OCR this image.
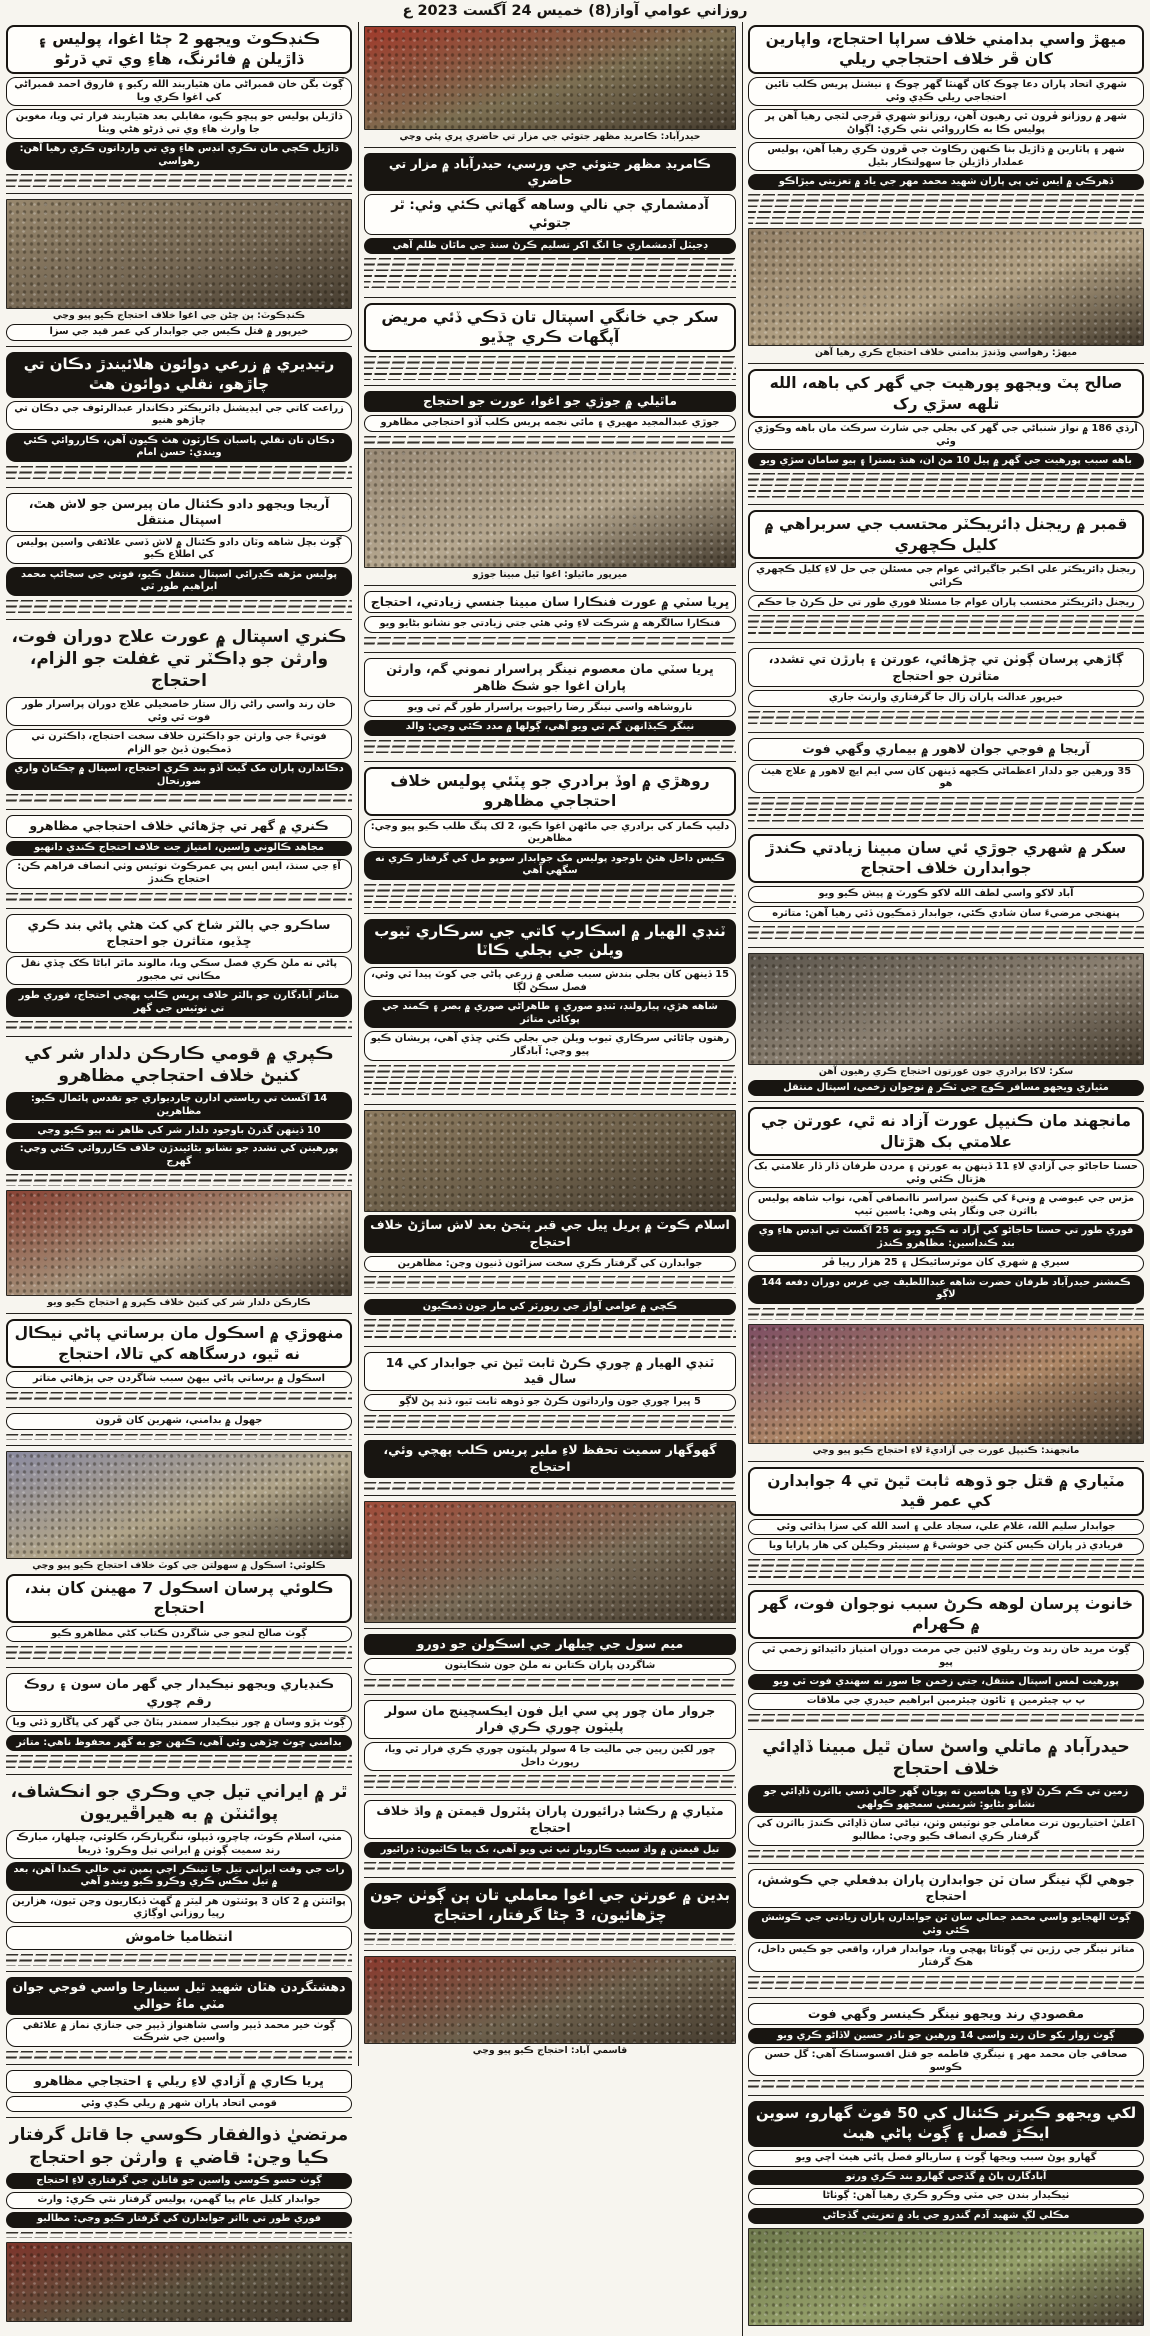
روزاني عوامي آواز(8) خميس 24 آگست 2023 ع
ميهڙ واسي بدامني خلاف سراپا احتجاج، واپارين کان ڦر خلاف احتجاجي ريلي
شهري اتحاد پاران دعا چوڪ کان گهنٽا گهر چوڪ ۽ نيشنل پريس ڪلب تائين احتجاجي ريلي ڪڍي وئي
شهر ۾ روزانو ڦرون ٿي رهيون آهن، روزانو شهري ڦرجي لٽجي رهيا آهن پر پوليس ڪا به ڪارروائي نٿي ڪري: اڳواڻ
شهر ۽ پاٽارين ۾ ڌاڙيل بنا ڪنهن رڪاوٽ جي ڦرون ڪري رهيا آهن، پوليس عملدار ڌاڙيلن جا سهولتڪار بڻيل
ڏهرڪي ۾ ايس ٽي پي پاران شهيد محمد مهر جي ياد ۾ تعزيتي ميڙاڪو
ميهڙ: رهواسي وڏنڊڙ بدامني خلاف احتجاج ڪري رهيا آهن
صالح پٽ ويجهو پورهيت جي گهر کي باهه، الله تلهه سڙي رک
آرڌي 186 ۾ نواز شنباڻي جي گهر کي بجلي جي شارٽ سرڪٽ مان باهه وڪوڙي وئي
باهه سبب پورهيت جي گهر ۾ پيل 10 مڻ ان، هنڌ بسترا ۽ ٻيو سامان سڙي ويو
قمبر ۾ ريجنل ڊائريڪٽر محتسب جي سربراهي ۾ کليل ڪچهري
ريجنل ڊائريڪٽر علي اڪبر جاگيراڻي عوام جي مسئلن جي حل لاءِ کليل ڪچهري ڪرائي
ريجنل ڊائريڪٽر محتسب پاران عوام جا مسئلا فوري طور تي حل ڪرڻ جا حڪم
ڳاڙهي پرسان ڳوٺن تي چڙهائي، عورتن ۽ ٻارڙن تي تشدد، متاثرن جو احتجاج
خيرپور عدالت پاران زال جا گرفتاري وارنٽ جاري
آريجا ۾ فوجي جوان لاهور ۾ بيماري وگهي فوت
35 ورهين جو دلدار اعظماڻي ڪجهه ڏينهن کان سي ايم ايڇ لاهور ۾ علاج هيٺ هو
سکر ۾ شهري جوڙي ئي سان مبينا زيادتي ڪندڙ جوابدارن خلاف احتجاج
آباد لاکو واسي لطف الله لاکو ڪورٽ ۾ پيش ڪيو ويو
پنهنجي مرضيءَ سان شادي ڪئي، جوابدار ڌمڪيون ڏئي رهيا آهن: متاثره
سکر: لاکا برادري جون عورتون احتجاج ڪري رهيون آهن
مٽياري ويجهو مسافر ڪوچ جي ٽڪر ۾ نوجوان زخمي، اسپتال منتقل
مانجهند مان ڪنيپل عورت آزاد نه ٿي، عورتن جي علامتي بک هڙتال
حسنا حاجاڻو جي آزادي لاءِ 11 ڏينهن به عورتن ۽ مردن طرفان ڏار ڏار علامتي بک هڙتال ڪئي وئي
مڙس جي عيوضي ۾ ونيءَ کي ڪنيڻ سراسر ناانصافي آهي، نواب شاهه پوليس بااثرن جي ونگار پئي وهي: ياسين ٽيپ
فوري طور تي حسنا حاجاڻو کي آزاد نه ڪيو ويو ته 25 آگسٽ تي انڊس هاءِ وي بند ڪنداسين: مظاهرو ڪندڙ
سيري ۾ شهري کان موٽرسائيڪل ۽ 25 هزار رپيا ڦر
ڪمشنر حيدرآباد طرفان حضرت شاهه عبداللطيف جي عرس دوران دفعه 144 لاڳو
مانجهند: ڪنيپل عورت جي آزاديءَ لاءِ احتجاج ڪيو پيو وڃي
مٽياري ۾ قتل جو ڌوهه ثابت ٿيڻ تي 4 جوابدارن کي عمر قيد
جوابدار سليم الله، غلام علي، سجاد علي ۽ اسد الله کي سزا ٻڌائي وئي
فريادي ڌر پاران ڪيس کٽڻ جي خوشيءَ ۾ سينيئر وڪيلن کي هار پارايا ويا
خانوٺ پرسان لوهه ڪرڻ سبب نوجوان فوت، گهر ۾ ڪهرام
ڳوٺ مريد خان رند وٽ ريلوي لائين جي مرمت دوران امتياز دائيدائو زخمي ٿي پيو
پورهيت لمس اسپتال منتقل، جتي زخمن جا سور نه سهندي فوت ٿي ويو
پ ٻ چيئرمين ۽ ٽائون چيئرمين ابراهيم حيدري جي ملاقات
حيدرآباد ۾ ماتلي واسڻ سان ٿيل مبينا ڏاڍائي خلاف احتجاج
زمين تي ڪم ڪرڻ لاءِ ويا هياسين ته پويان گهر خالي ڏسي بااثرن ڏاڍائي جو نشانو بڻايو: شريمتي سمجهو ڪولهي
اعليٰ اختياريون ترت معاملي جو نوٽيس وٺن، نياڻي سان ڏاڍائي ڪندڙ بااثرن کي گرفتار ڪري انصاف ڪيو وڃي: مطالبو
جوهي لڳ نينگر سان ٽن جوابدارن پاران بدفعلي جي ڪوشش، احتجاج
ڳوٺ الهجايو واسي محمد جمالي سان ٽن جوابدارن پاران زيادتي جي ڪوشش ڪئي وئي
متاثر نينگر جي رڙين تي ڳوٺاڻا پهچي ويا، جوابدار فرار، واقعي جو ڪيس داخل، هڪ گرفتار
مقصودي رند ويجهو نينگر ڪينسر وگهي فوت
ڳوٺ زوار بکو خان رند واسي 14 ورهين جو نادر حسين لاڏاڻو ڪري ويو
صحافي جان محمد مهر ۽ نينگري فاطمه جو قتل افسوسناڪ آهي: گل حسن ڪوسو
لکي ويجهو ڪيرتر ڪئنال کي 50 فوٽ گهارو، سوين ايڪڙ فصل ۽ ڳوٺ پاڻي هيٺ
گهارو پوڻ سبب ويجها ڳوٺ ۽ ساريالو فصل پاڻي هيٺ اچي ويو
آبادگارن پاڻ ۾ گڏجي گهارو بند ڪري ورتو
ٺيڪيدار بندن جي مٽي وڪرو ڪري رهيا آهن: ڳوٺاڻا
مڪلي لڳ شهيد آدم گندرو جي ياد ۾ تعزيتي گڏجاڻي
حيدرآباد: ڪامريڊ مظهر جتوئي جي مزار تي حاضري ڀري پئي وڃي
ڪامريڊ مظهر جتوئي جي ورسي، حيدرآباد ۾ مزار تي حاضري
آدمشماري جي نالي وساهه گهاتي ڪئي وئي: ٿر جتوئي
ڊجيٽل آدمشماري جا انگ اکر تسليم ڪرڻ سنڌ جي ماٿان ظلم آهي
سکر جي خانگي اسپتال تان ڌڪي ڏئي مريض آپگهات ڪري ڇڏيو
ماٿيلي ۾ جوڙي جو اغوا، عورت جو احتجاج
جوڙي عبدالمجيد مهيري ۽ مائي نجمه پريس ڪلب آڏو احتجاجي مظاهرو
ميرپور ماٿيلو: اغوا ٿيل مبينا جوڙو
ڀريا سٽي ۾ عورت فنڪارا سان مبينا جنسي زيادتي، احتجاج
فنڪارا سالگرهه ۾ شرڪت لاءِ وئي هئي جتي زيادتي جو نشانو بڻايو ويو
ڀريا سٽي مان معصوم نينگر پراسرار نموني گم، وارثن پاران اغوا جو شڪ ظاهر
ناروشاهه واسي نينگر رضا راجپوت پراسرار طور گم ٿي ويو
نينگر ڪيڏانهن گم ٿي ويو آهي، ڳولها ۾ مدد ڪئي وڃي: والد
روهڙي ۾ اوڏ برادري جو پٽئي پوليس خلاف احتجاجي مظاهرو
دليپ ڪمار کي برادري جي ماڻهن اغوا ڪيو، 2 لک پنگ طلب ڪيو پيو وڃي: مظاهرين
ڪيس داخل هئڻ باوجود پوليس مک جوابدار سوپو مل کي گرفتار ڪري نه سگهي آهي
ٽنڊي الهيار ۾ اسڪارپ کاتي جي سرڪاري ٽيوب ويلن جي بجلي ڪاٽا
15 ڏينهن کان بجلي بندش سبب ضلعي ۾ زرعي پاڻي جي کوٽ پيدا ٿي وئي، فصل سڪڻ لڳا
شاهه هڙي، پيارولنڊ، ٽنڊو صوري ۽ طاهراڻي صوري ۾ بصر ۽ ڪمند جي پوکائي متاثر
رهتون ڄاڻائي سرڪاري ٽيوب ويلن جي بجلي ڪٽي ڇڏي آهي، پريشان ڪيو پيو وڃي: آبادگار
اسلام ڪوٽ ۾ پريل ڀيل جي قبر پٽجڻ بعد لاش ساڙڻ خلاف احتجاج
جوابدارن کي گرفتار ڪري سخت سزائون ڏنيون وڃن: مظاهرين
ڪچي ۾ عوامي آواز جي رپورٽر کي مار جون ڌمڪيون
ٽنڊي الهيار ۾ چوري ڪرڻ ثابت ٿيڻ تي جوابدار کي 14 سال قيد
5 ڀيرا چوري جون وارداتون ڪرڻ جو ڏوهه ثابت ٿيو، ڏنڊ پڻ لاڳو
گهوگهار سميت تحفظ لاءِ ملير پريس ڪلب پهچي وئي، احتجاج
ميم سول جي چيلهار جي اسڪولن جو دورو
شاگردن پاران ڪتابن نه ملڻ جون شڪايتون
جروار مان چور پي سي ايل فون ايڪسچينج مان سولر پليٽون چوري ڪري فرار
چور لکين رپين جي ماليت جا 4 سولر پليٽون چوري ڪري فرار ٿي ويا، رپورٽ داخل
مٽياري ۾ رڪشا ڊرائيورن پاران پئٽرول قيمتن ۾ واڌ خلاف احتجاج
تيل قيمتن ۾ واڌ سبب ڪاروبار ٺپ ٿي ويو آهي، بک پيا ڪاٽيون: ڊرائيور
بدين ۾ عورتن جي اغوا معاملي تان ٻن ڳوٺن جون چڙهائيون، 3 ڄڻا گرفتار، احتجاج
قاسمي آباد: احتجاج ڪيو پيو وڃي
ڪنڊڪوٽ ويجهو 2 ڄڻا اغوا، پوليس ۽ ڌاڙيلن ۾ فائرنگ، هاءِ وي تي ڌرڻو
ڳوٺ بگن خان قمبراڻي مان هٿياربند الله رکيو ۽ فاروق احمد قمبراڻي کي اغوا ڪري ويا
ڌاڙيلن پوليس جو پيڇو ڪيو، مقابلي بعد هٿياربند فرار ٿي ويا، مغوين جا وارث هاءِ وي تي ڌرڻو هڻي ويٺا
ڌاڙيل ڪچي مان نڪري انڊس هاءِ وي تي وارداتون ڪري رهيا آهن: رهواسي
ڪنڊڪوٽ: ٻن ڄڻن جي اغوا خلاف احتجاج ڪيو پيو وڃي
خيرپور ۾ قتل ڪيس جي جوابدار کي عمر قيد جي سزا
رتيديري ۾ زرعي دوائون هلائيندڙ دڪان تي چاڙهو، نقلي دوائون هٿ
زراعت کاتي جي ايڊيشنل ڊائريڪٽر دڪاندار عبدالرئوف جي دڪان تي چاڙهو هنيو
دڪان تان نقلي پاسبان ڪارٽون هٿ ڪيون آهن، ڪارروائي ڪئي ويندي: حسن امام
آريجا ويجهو دادو ڪئنال مان پيرسن جو لاش هٿ، اسپتال منتقل
ڳوٺ بچل شاهه وٽان دادو ڪئنال ۾ لاش ڏسي علائقي واسين پوليس کي اطلاع ڪيو
پوليس مڙهه ڪڍرائي اسپتال منتقل ڪيو، فوتي جي سڃاڻپ محمد ابراهيم طور ٿي
ڪنري اسپتال ۾ عورت علاج دوران فوت، وارثن جو ڊاڪٽر تي غفلت جو الزام، احتجاج
خان رند واسي راڻي زال ستار خاصخيلي علاج دوران پراسرار طور فوت ٿي وئي
فوتيءَ جي وارثن جو ڊاڪٽرن خلاف سخت احتجاج، ڊاڪٽرن تي ڌمڪيون ڏيڻ جو الزام
دڪاندارن پاران مک گيٽ آڏو بند ڪري احتجاج، اسپتال ۾ چڪتاڻ واري صورتحال
ڪنري ۾ گهر تي چڙهائي خلاف احتجاجي مظاهرو
مجاهد ڪالوني واسين، امتياز جت خلاف احتجاج ڪندي دانهيو
آءِ جي سنڌ، ايس ايس پي عمرڪوٽ نوٽيس وٺي انصاف فراهم ڪن: احتجاج ڪندڙ
ساڪرو جي ٻالٽر شاخ کي کٽ هڻي پاڻي بند ڪري ڇڏيو، متاثرن جو احتجاج
پاڻي نه ملڻ ڪري فصل سڪي ويا، مالوند ماٿر اباڻا ڪک ڇڏي نقل مڪاني تي مجبور
متاثر آبادگارن جو ٻالٽر خلاف پريس ڪلب پهچي احتجاج، فوري طور تي نوٽيس جي گهر
ڪپري ۾ قومي ڪارڪن دلدار شر کي کنيڻ خلاف احتجاجي مظاهرو
14 آگسٽ تي رياستي ادارن چارديواري جو تقدس پائمال ڪيو: مظاهرين
10 ڏينهن گذرڻ باوجود دلدار شر کي ظاهر نه پيو ڪيو وڃي
پورهيتن کي تشدد جو نشانو بڻائيندڙن خلاف ڪارروائي ڪئي وڃي: گهرج
ڪارڪن دلدار شر کي کنيڻ خلاف ڪپرو ۾ احتجاج ڪيو ويو
منهوڙي ۾ اسڪول مان برساتي پاڻي نيڪال نه ٿيو، درسگاهه کي تالا، احتجاج
اسڪول ۾ برساتي پاڻي بيهڻ سبب شاگردن جي پڙهائي متاثر
جهول ۾ بدامني، شهرين کان ڦرون
ڪلوئي: اسڪول ۾ سهولتن جي کوٽ خلاف احتجاج ڪيو پيو وڃي
ڪلوئي پرسان اسڪول 7 مهينن کان بند، احتجاج
ڳوٺ صالح لنجو جي شاگردن ڪتاب کڻي مظاهرو ڪيو
ڪنڊياري ويجهو نيڪيدار جي گهر مان سون ۽ روڪ رقم چوري
ڳوٺ پڙو وسان ۾ چور نيڪيدار سمندر ٻٽاڻ جي گهر کي ڀاڱارو ڏئي ويا
بدامني چوٽ چڙهي وئي آهي، ڪنهن جو به گهر محفوظ ناهي: متاثر
ٿر ۾ ايراني تيل جي وڪري جو انڪشاف، پوائنٽن ۾ به هيراڦيريون
مٺي، اسلام ڪوٽ، چاچرو، ڏيپلو، ننگرپارڪر، ڪلوئي، چيلهار، مبارڪ رند سميت ڳوٺن ۾ ايراني تيل وڪرو: ذريعا
رات جي وقت ايراني تيل جا ٽينڪر اچي پمپن تي خالي ڪندا آهن، بعد ۾ تيل مڪس ڪري وڪرو ڪيو ويندو آهي
پوائنٽن ۾ 2 کان 3 پوئنٽون هر ليٽر ۾ گهٽ ڏيکاريون وڃن ٿيون، هزارين رپيا روزاني اوڳاڙي
انتظاميا خاموش
دهشتگردن هٿان شهيد ٿيل سينارجا واسي فوجي جوان مٽي ماءُ حوالي
ڳوٺ خير محمد ڏيٻر واسي شاهنواز ڏيٻر جي جنازي نماز ۾ علائقي واسين جي شرڪت
ڀريا ڪاري ۾ آزادي لاءِ ريلي ۽ احتجاجي مظاهرو
قومي اتحاد پاران شهر ۾ ريلي ڪڍي وئي
مرتضيٰ ذوالفقار ڪوسي جا قاتل گرفتار ڪيا وڃن: قاضي ۽ وارثن جو احتجاج
ڳوٺ حسو ڪوسي واسين جو قاتلن جي گرفتاري لاءِ احتجاج
جوابدار کليل عام پيا گهمن، پوليس گرفتار نٿي ڪري: وارث
فوري طور تي بااثر جوابدارن کي گرفتار ڪيو وڃي: مطالبو
